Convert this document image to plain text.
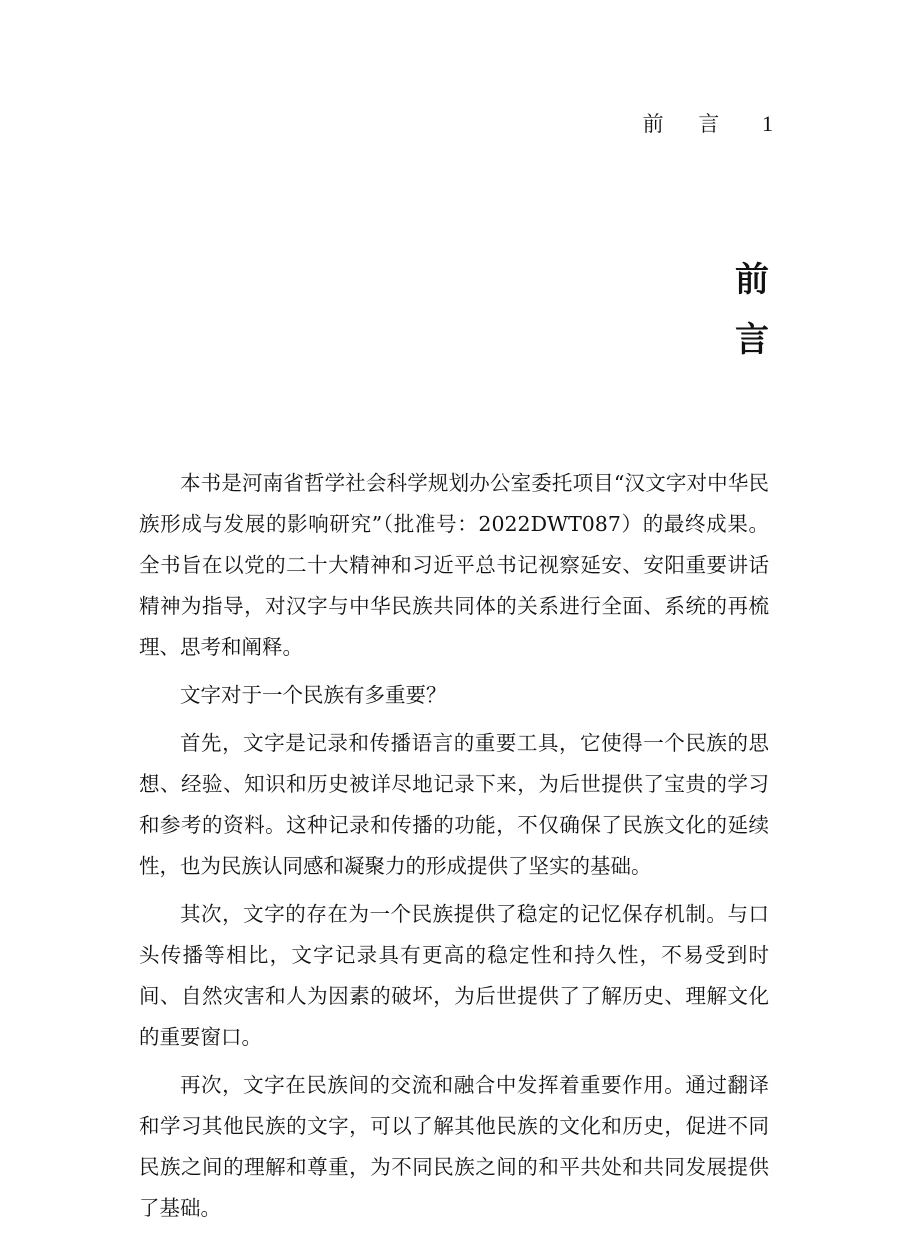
前 言 1
前
言

本书是河南省哲学社会科学规划办公室委托项目“汉文字对中华民族形成与发展的影响研究”（批准号：2022DWT087）的最终成果。全书旨在以党的二十大精神和习近平总书记视察延安、安阳重要讲话精神为指导，对汉字与中华民族共同体的关系进行全面、系统的再梳理、思考和阐释。

文字对于一个民族有多重要？

首先，文字是记录和传播语言的重要工具，它使得一个民族的思想、经验、知识和历史被详尽地记录下来，为后世提供了宝贵的学习和参考的资料。这种记录和传播的功能，不仅确保了民族文化的延续性，也为民族认同感和凝聚力的形成提供了坚实的基础。

其次，文字的存在为一个民族提供了稳定的记忆保存机制。与口头传播等相比，文字记录具有更高的稳定性和持久性，不易受到时间、自然灾害和人为因素的破坏，为后世提供了了解历史、理解文化的重要窗口。

再次，文字在民族间的交流和融合中发挥着重要作用。通过翻译和学习其他民族的文字，可以了解其他民族的文化和历史，促进不同民族之间的理解和尊重，为不同民族之间的和平共处和共同发展提供了基础。
